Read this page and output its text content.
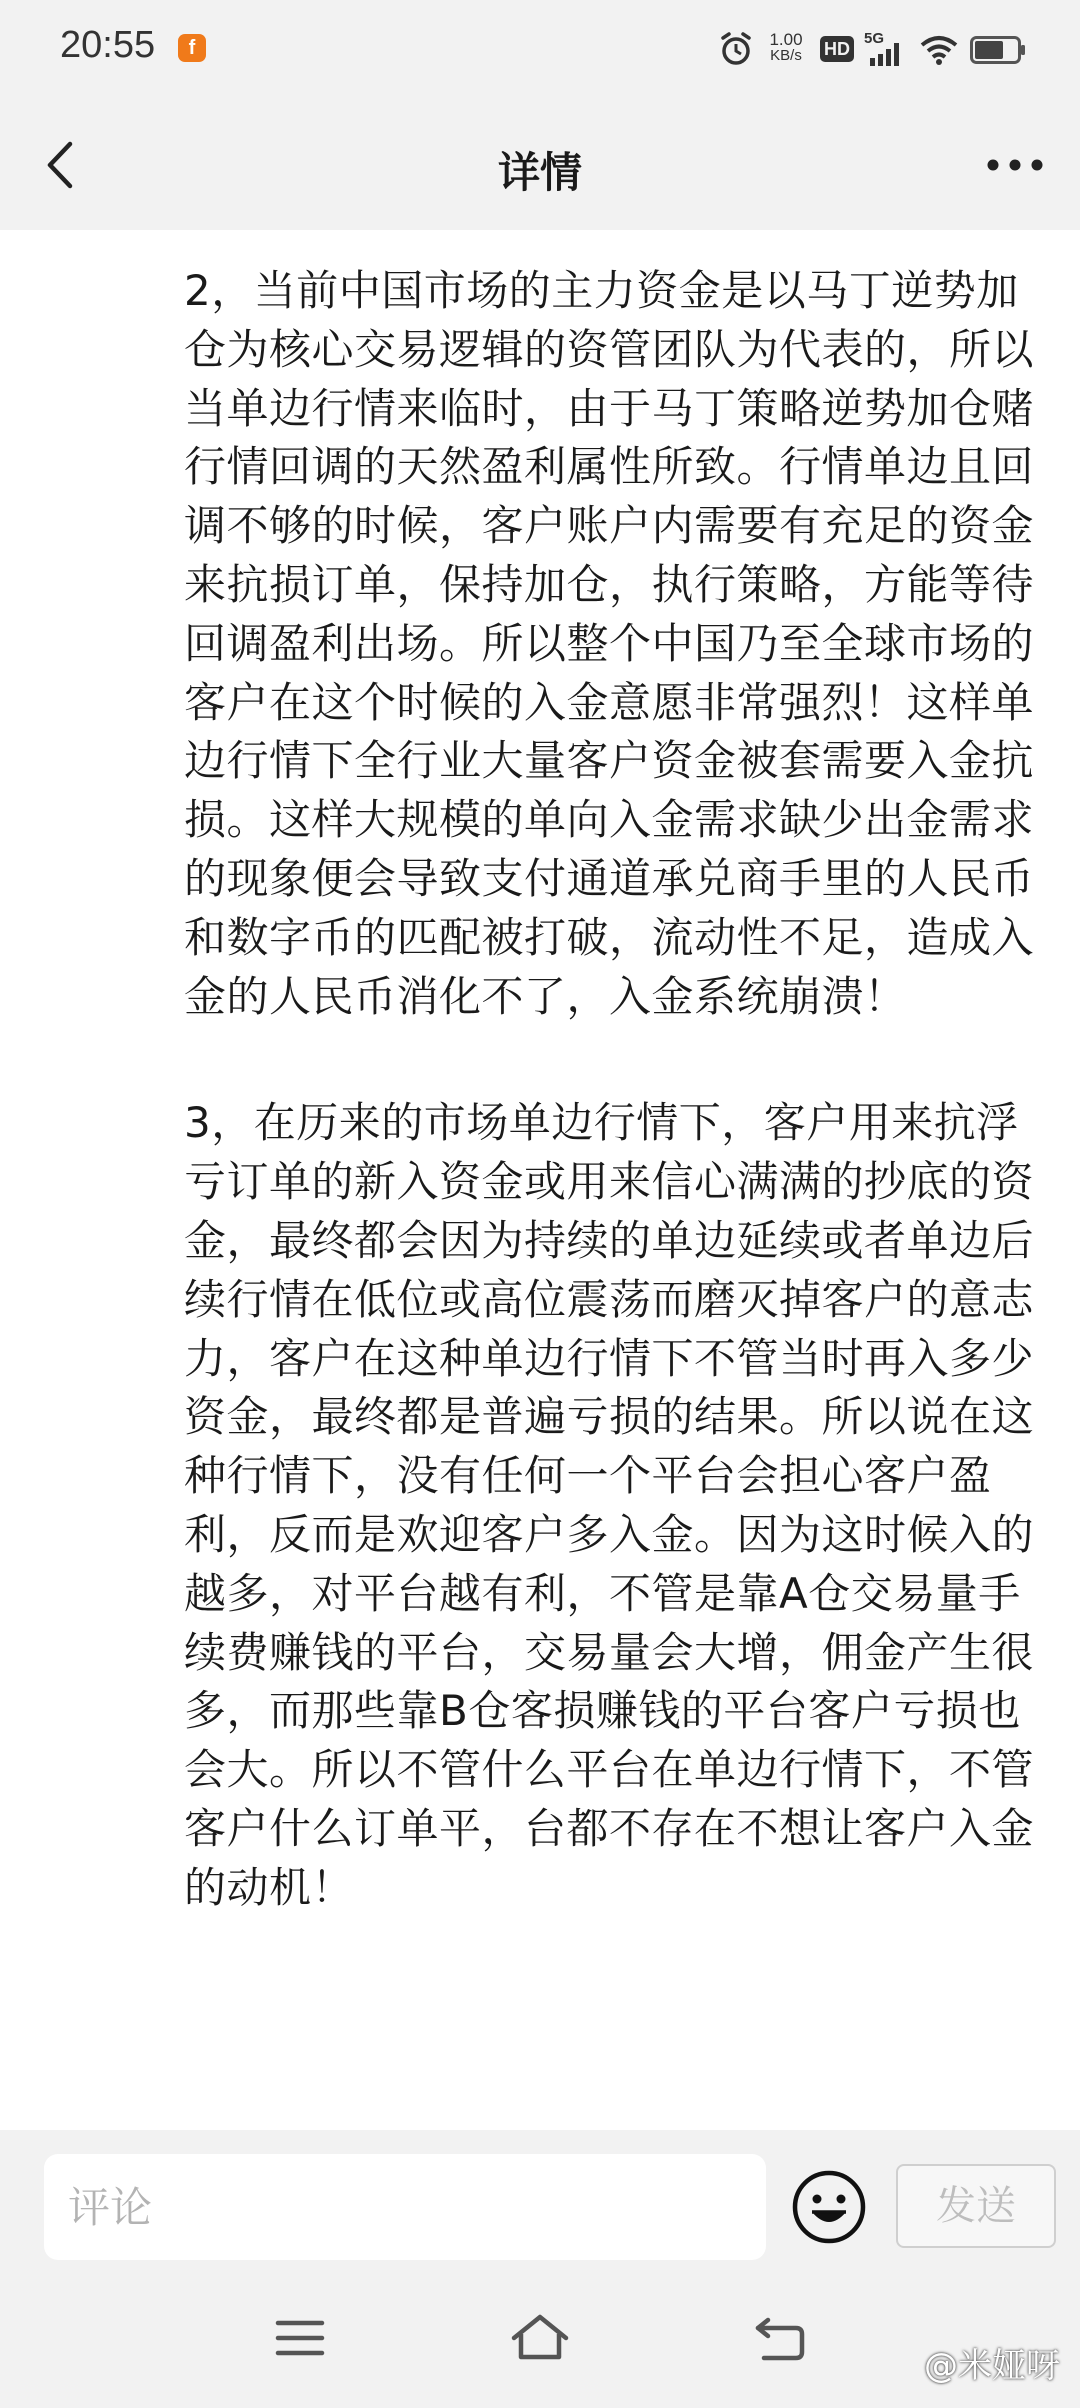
20:55	f	1.00
KB/s	HD
5G
详情

2，当前中国市场的主力资金是以马丁逆势加仓为核心交易逻辑的资管团队为代表的，所以当单边行情来临时，由于马丁策略逆势加仓赌行情回调的天然盈利属性所致。行情单边且回调不够的时候，客户账户内需要有充足的资金来抗损订单，保持加仓，执行策略，方能等待回调盈利出场。所以整个中国乃至全球市场的客户在这个时候的入金意愿非常强烈！这样单边行情下全行业大量客户资金被套需要入金抗损。这样大规模的单向入金需求缺少出金需求的现象便会导致支付通道承兑商手里的人民币和数字币的匹配被打破，流动性不足，造成入金的人民币消化不了，入金系统崩溃！

3，在历来的市场单边行情下，客户用来抗浮亏订单的新入资金或用来信心满满的抄底的资金，最终都会因为持续的单边延续或者单边后续行情在低位或高位震荡而磨灭掉客户的意志力，客户在这种单边行情下不管当时再入多少资金，最终都是普遍亏损的结果。所以说在这种行情下，没有任何一个平台会担心客户盈利，反而是欢迎客户多入金。因为这时候入的越多，对平台越有利，不管是靠A仓交易量手续费赚钱的平台，交易量会大增，佣金产生很多，而那些靠B仓客损赚钱的平台客户亏损也会大。所以不管什么平台在单边行情下，不管客户什么订单平，台都不存在不想让客户入金的动机！

评论
发送
@米娅呀
